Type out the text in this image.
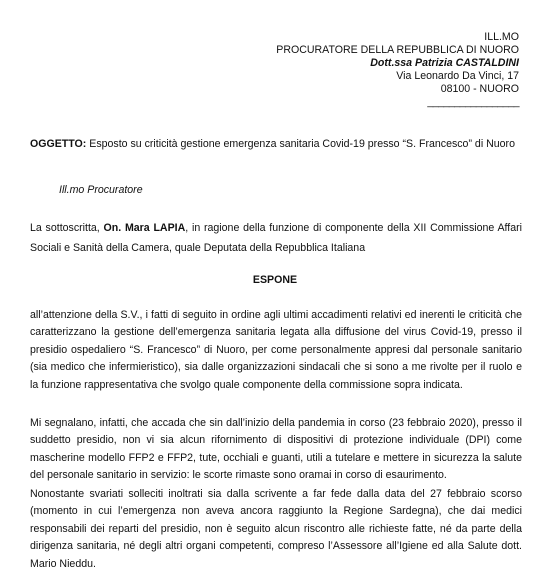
ILL.MO
PROCURATORE DELLA REPUBBLICA DI NUORO
Dott.ssa Patrizia CASTALDINI
Via Leonardo Da Vinci, 17
08100 - NUORO
_________________
OGGETTO: Esposto su criticità gestione emergenza sanitaria Covid-19 presso “S. Francesco” di Nuoro
Ill.mo Procuratore
La sottoscritta, On. Mara LAPIA, in ragione della funzione di componente della XII Commissione Affari Sociali e Sanità della Camera, quale Deputata della Repubblica Italiana
ESPONE
all’attenzione della S.V., i fatti di seguito in ordine agli ultimi accadimenti relativi ed inerenti le criticità che caratterizzano la gestione dell’emergenza sanitaria legata alla diffusione del virus Covid-19, presso il presidio ospedaliero “S. Francesco” di Nuoro, per come personalmente appresi dal personale sanitario (sia medico che infermieristico), sia dalle organizzazioni sindacali che si sono a me rivolte per il ruolo e la funzione rappresentativa che svolgo quale componente della commissione sopra indicata.
Mi segnalano, infatti, che accada che sin dall’inizio della pandemia in corso (23 febbraio 2020), presso il suddetto presidio, non vi sia alcun rifornimento di dispositivi di protezione individuale (DPI) come mascherine modello FFP2 e FFP2, tute, occhiali e guanti, utili a tutelare e mettere in sicurezza la salute del personale sanitario in servizio: le scorte rimaste sono oramai in corso di esaurimento.
Nonostante svariati solleciti inoltrati sia dalla scrivente a far fede dalla data del 27 febbraio scorso (momento in cui l’emergenza non aveva ancora raggiunto la Regione Sardegna), che dai medici responsabili dei reparti del presidio, non è seguito alcun riscontro alle richieste fatte, né da parte della dirigenza sanitaria, né degli altri organi competenti, compreso l’Assessore all’Igiene ed alla Salute dott. Mario Nieddu.
